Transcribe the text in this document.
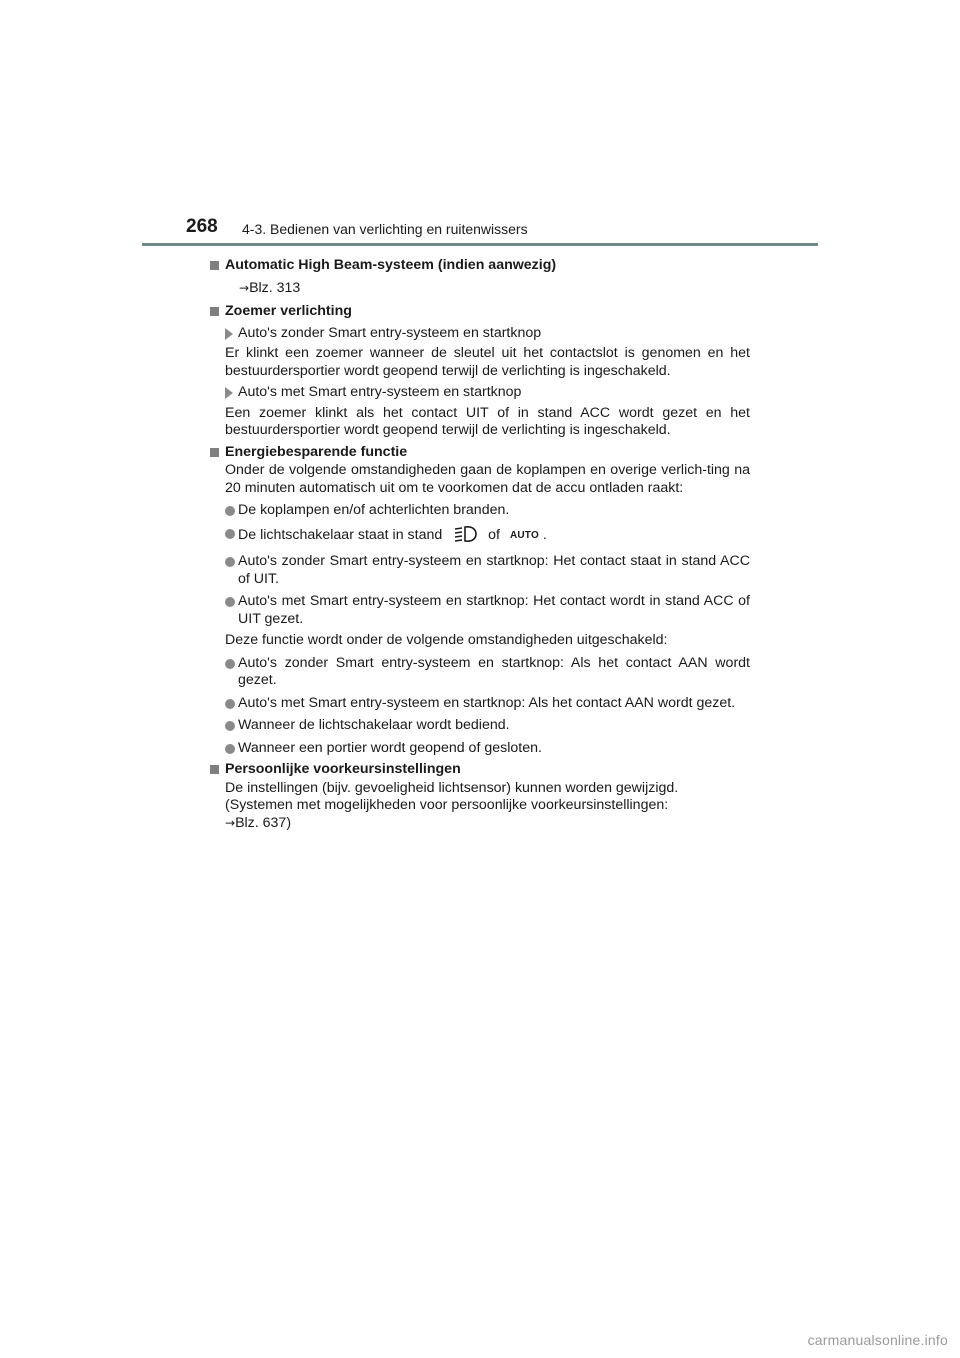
268 4-3. Bedienen van verlichting en ruitenwissers
Automatic High Beam-systeem (indien aanwezig)
→Blz. 313
Zoemer verlichting
Auto's zonder Smart entry-systeem en startknop
Er klinkt een zoemer wanneer de sleutel uit het contactslot is genomen en het bestuurdersportier wordt geopend terwijl de verlichting is ingeschakeld.
Auto's met Smart entry-systeem en startknop
Een zoemer klinkt als het contact UIT of in stand ACC wordt gezet en het bestuurdersportier wordt geopend terwijl de verlichting is ingeschakeld.
Energiebesparende functie
Onder de volgende omstandigheden gaan de koplampen en overige verlich-ting na 20 minuten automatisch uit om te voorkomen dat de accu ontladen raakt:
De koplampen en/of achterlichten branden.
De lichtschakelaar staat in stand	of AUTO .
Auto's zonder Smart entry-systeem en startknop: Het contact staat in stand ACC of UIT.
Auto's met Smart entry-systeem en startknop: Het contact wordt in stand ACC of UIT gezet.
Deze functie wordt onder de volgende omstandigheden uitgeschakeld:
Auto's zonder Smart entry-systeem en startknop: Als het contact AAN wordt gezet.
Auto's met Smart entry-systeem en startknop: Als het contact AAN wordt gezet.
Wanneer de lichtschakelaar wordt bediend.
Wanneer een portier wordt geopend of gesloten.
Persoonlijke voorkeursinstellingen
De instellingen (bijv. gevoeligheid lichtsensor) kunnen worden gewijzigd.
(Systemen met mogelijkheden voor persoonlijke voorkeursinstellingen:
→Blz. 637)
carmanualsonline.info
